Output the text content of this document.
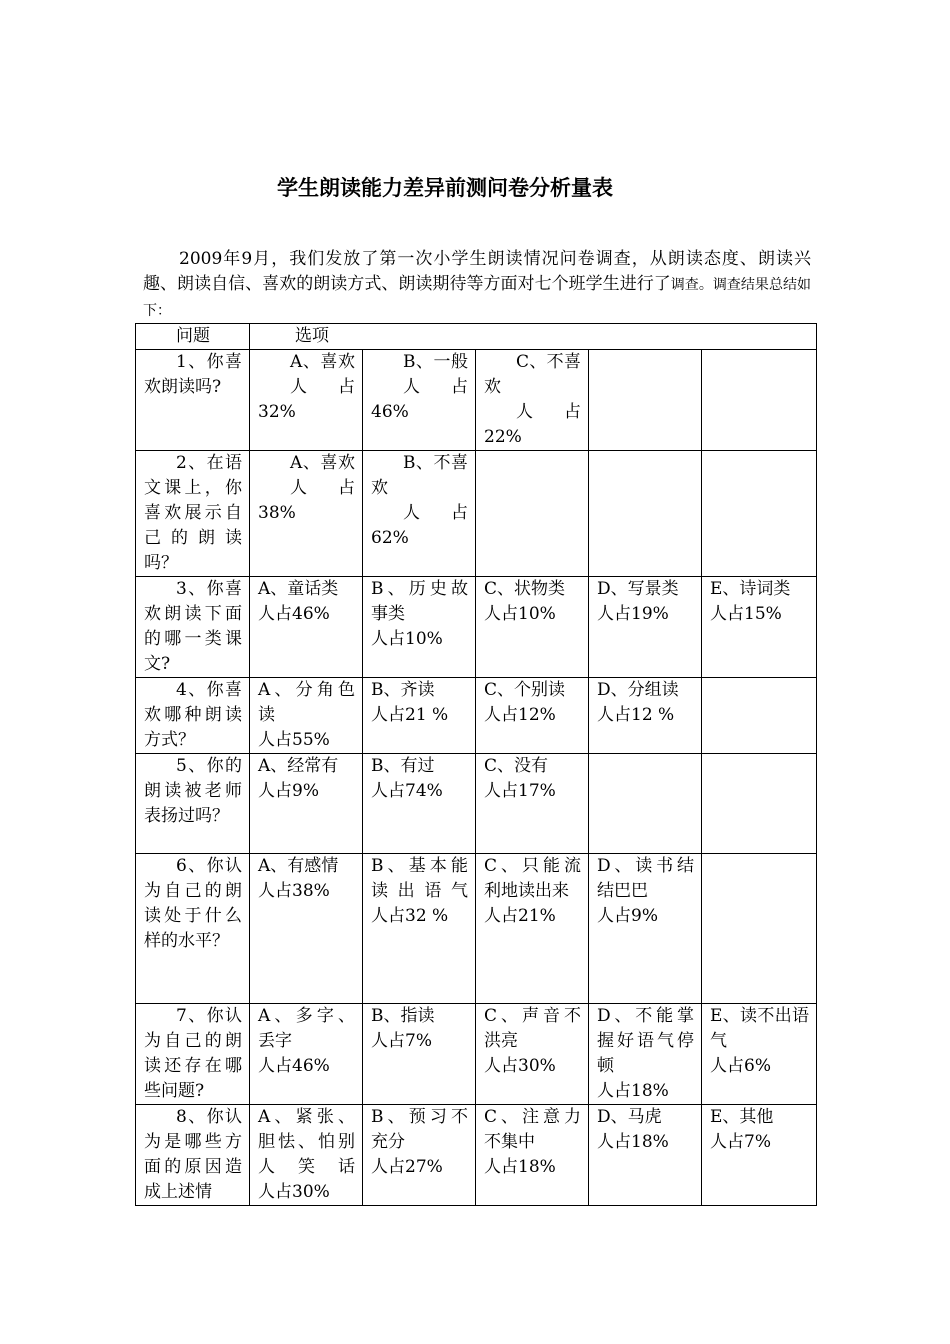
学生朗读能力差异前测问卷分析量表
2009年9月，我们发放了第一次小学生朗读情况问卷调查，从朗读态度、朗读兴趣、朗读自信、喜欢的朗读方式、朗读期待等方面对七个班学生进行了调查。调查结果总结如下：
问题	选项				

1、你喜欢朗读吗?	A、喜欢
人占32%	B、一般
人占46%	C、不喜欢
人占22%		

2、在语文课上，你喜欢展示自己的朗读吗？	A、喜欢
人占38%	B、不喜欢
人占62%			

3、你喜欢朗读下面的哪一类课文?	A、童话类
人占46%	B、历史故事类
人占10%	C、状物类
人占10%	D、写景类
人占19%	E、诗词类
人占15%

4、你喜欢哪种朗读方式？	A、分角色读
人占55%	B、齐读
人占21 %	C、个别读
人占12%	D、分组读
人占12 %	

5、你的朗读被老师表扬过吗？	A、经常有
人占9%	B、有过
人占74%	C、没有
人占17%		

6、你认为自己的朗读处于什么样的水平？	A、有感情
人占38%	B、基本能读出语气
人占32 %	C、只能流利地读出来
人占21%	D、读书结结巴巴
人占9%	

7、你认为自己的朗读还存在哪些问题?	A、多字、丢字
人占46%	B、指读
人占7%	C、声音不洪亮
人占30%	D、不能掌握好语气停顿
人占18%	E、读不出语气
人占6%

8、你认为是哪些方面的原因造成上述情	A、紧张、胆怯、怕别人笑话
人占30%	B、预习不充分
人占27%	C、注意力不集中
人占18%	D、马虎
人占18%	E、其他
人占7%
